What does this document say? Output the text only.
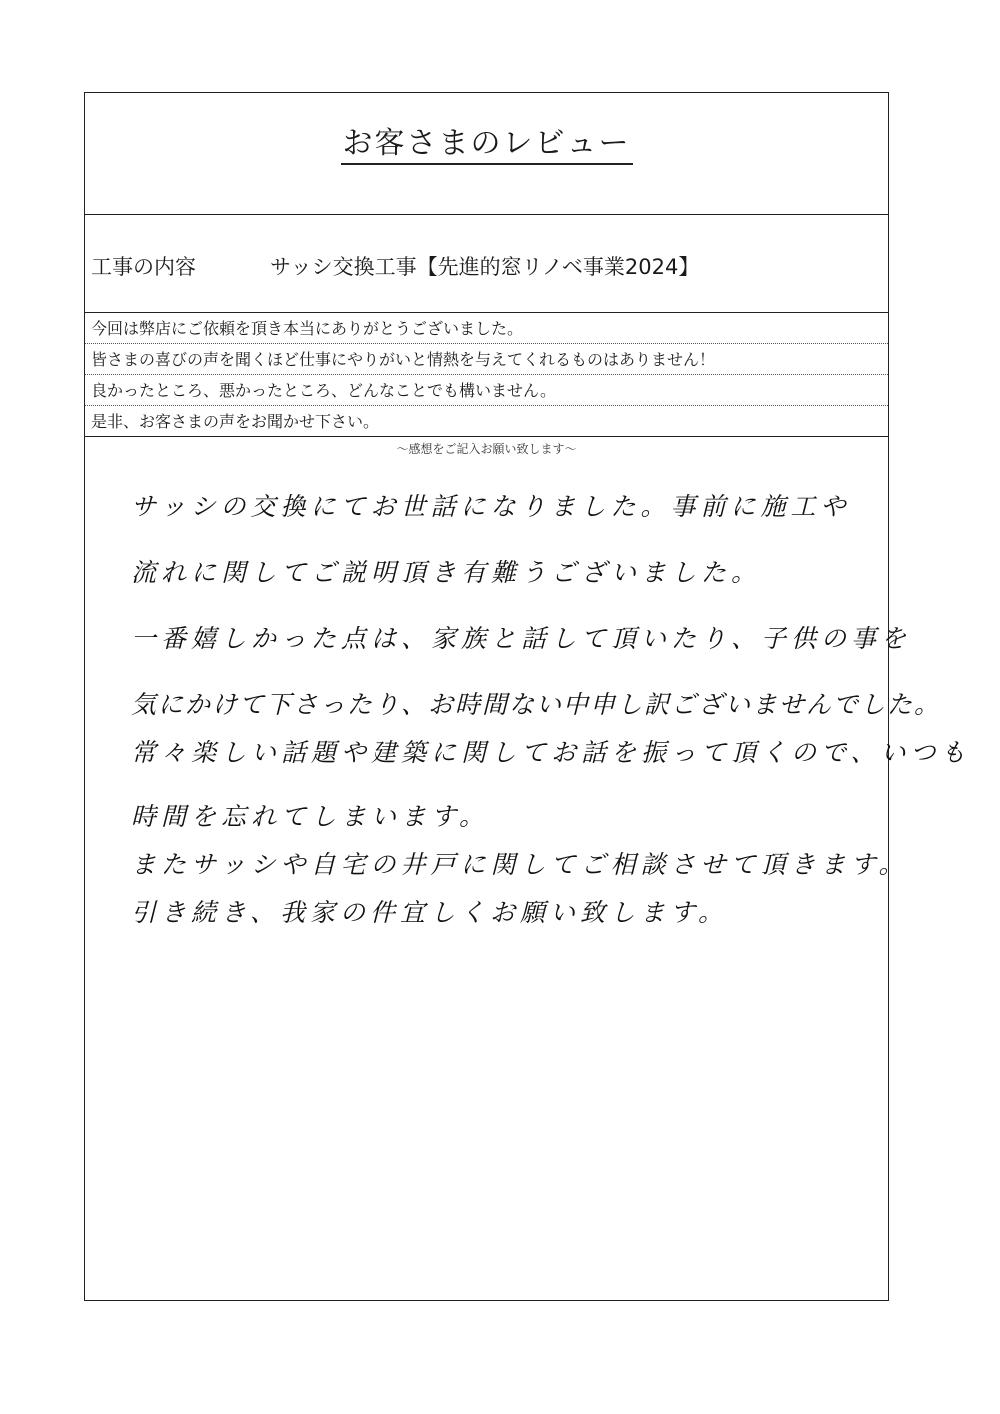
お客さまのレビュー
工事の内容	サッシ交換工事【先進的窓リノベ事業2024】
今回は弊店にご依頼を頂き本当にありがとうございました。
皆さまの喜びの声を聞くほど仕事にやりがいと情熱を与えてくれるものはありません！
良かったところ、悪かったところ、どんなことでも構いません。
是非、お客さまの声をお聞かせ下さい。
～感想をご記入お願い致します～
サッシの交換にてお世話になりました。事前に施工や
流れに関してご説明頂き有難うございました。
一番嬉しかった点は、家族と話して頂いたり、子供の事を
気にかけて下さったり、お時間ない中申し訳ございませんでした。
常々楽しい話題や建築に関してお話を振って頂くので、いつも
時間を忘れてしまいます。
またサッシや自宅の井戸に関してご相談させて頂きます。
引き続き、我家の件宜しくお願い致します。
